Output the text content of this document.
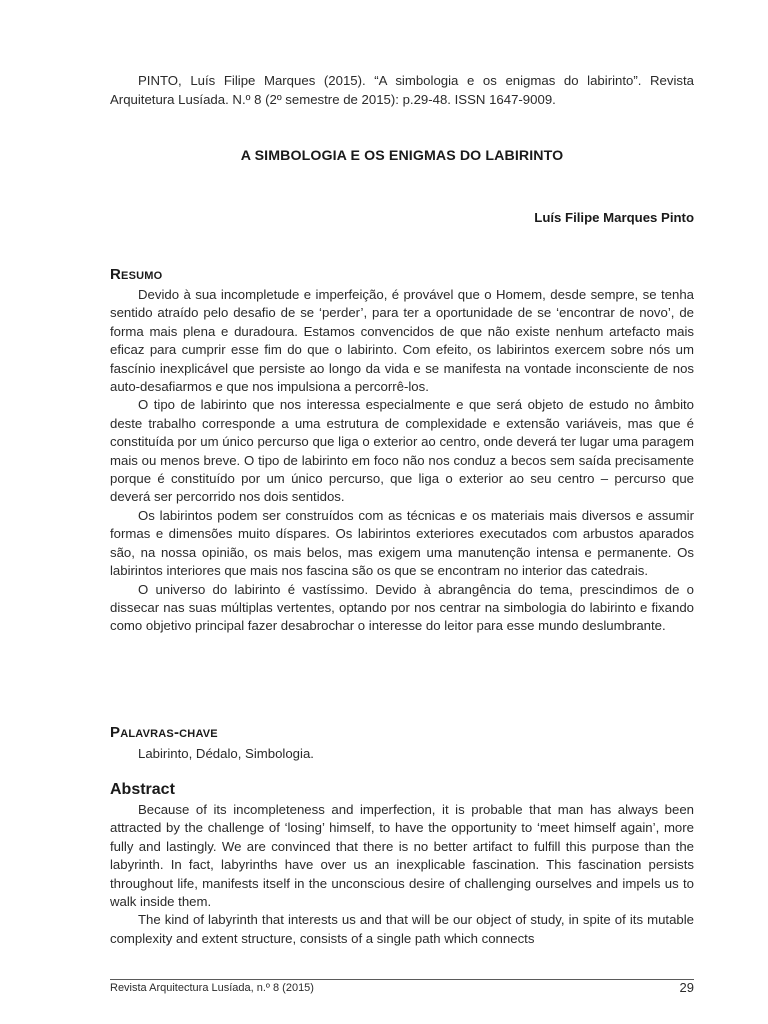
PINTO, Luís Filipe Marques (2015). “A simbologia e os enigmas do labirinto”. Revista Arquitetura Lusíada. N.º 8 (2º semestre de 2015): p.29-48. ISSN 1647-9009.

A SIMBOLOGIA E OS ENIGMAS DO LABIRINTO
Luís Filipe Marques Pinto
Resumo

Devido à sua incompletude e imperfeição, é provável que o Homem, desde sempre, se tenha sentido atraído pelo desafio de se ‘perder’, para ter a oportunidade de se ‘encontrar de novo’, de forma mais plena e duradoura. Estamos convencidos de que não existe nenhum artefacto mais eficaz para cumprir esse fim do que o labirinto. Com efeito, os labirintos exercem sobre nós um fascínio inexplicável que persiste ao longo da vida e se manifesta na vontade inconsciente de nos auto-desafiarmos e que nos impulsiona a percorrê-los.

O tipo de labirinto que nos interessa especialmente e que será objeto de estudo no âmbito deste trabalho corresponde a uma estrutura de complexidade e extensão variáveis, mas que é constituída por um único percurso que liga o exterior ao centro, onde deverá ter lugar uma paragem mais ou menos breve. O tipo de labirinto em foco não nos conduz a becos sem saída precisamente porque é constituído por um único percurso, que liga o exterior ao seu centro – percurso que deverá ser percorrido nos dois sentidos.

Os labirintos podem ser construídos com as técnicas e os materiais mais diversos e assumir formas e dimensões muito díspares. Os labirintos exteriores executados com arbustos aparados são, na nossa opinião, os mais belos, mas exigem uma manutenção intensa e permanente. Os labirintos interiores que mais nos fascina são os que se encontram no interior das catedrais.

O universo do labirinto é vastíssimo. Devido à abrangência do tema, prescindimos de o dissecar nas suas múltiplas vertentes, optando por nos centrar na simbologia do labirinto e fixando como objetivo principal fazer desabrochar o interesse do leitor para esse mundo deslumbrante.

Palavras-chave

Labirinto, Dédalo, Simbologia.

Abstract

Because of its incompleteness and imperfection, it is probable that man has always been attracted by the challenge of ‘losing’ himself, to have the opportunity to ‘meet himself again’, more fully and lastingly. We are convinced that there is no better artifact to fulfill this purpose than the labyrinth. In fact, labyrinths have over us an inexplicable fascination. This fascination persists throughout life, manifests itself in the unconscious desire of challenging ourselves and impels us to walk inside them.

The kind of labyrinth that interests us and that will be our object of study, in spite of its mutable complexity and extent structure, consists of a single path which connects

Revista Arquitectura Lusíada, n.º 8 (2015)	29
